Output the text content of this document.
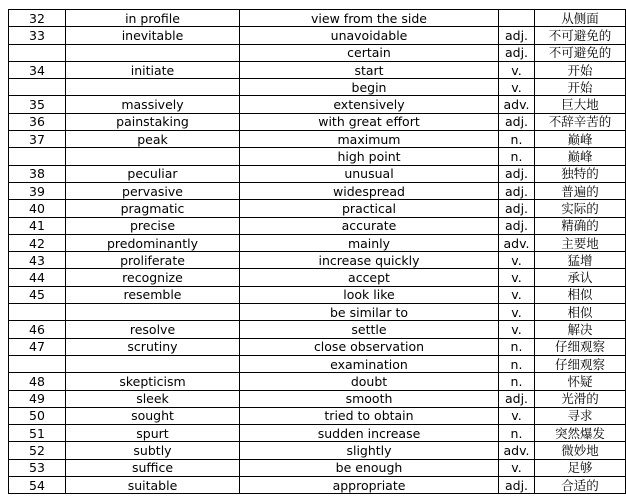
32	in profile	view from the side		从侧面
33	inevitable	unavoidable	adj.	不可避免的
		certain	adj.	不可避免的
34	initiate	start	v.	开始
		begin	v.	开始
35	massively	extensively	adv.	巨大地
36	painstaking	with great effort	adj.	不辞辛苦的
37	peak	maximum	n.	巅峰
		high point	n.	巅峰
38	peculiar	unusual	adj.	独特的
39	pervasive	widespread	adj.	普遍的
40	pragmatic	practical	adj.	实际的
41	precise	accurate	adj.	精确的
42	predominantly	mainly	adv.	主要地
43	proliferate	increase quickly	v.	猛增
44	recognize	accept	v.	承认
45	resemble	look like	v.	相似
		be similar to	v.	相似
46	resolve	settle	v.	解决
47	scrutiny	close observation	n.	仔细观察
		examination	n.	仔细观察
48	skepticism	doubt	n.	怀疑
49	sleek	smooth	adj.	光滑的
50	sought	tried to obtain	v.	寻求
51	spurt	sudden increase	n.	突然爆发
52	subtly	slightly	adv.	微妙地
53	suffice	be enough	v.	足够
54	suitable	appropriate	adj.	合适的
